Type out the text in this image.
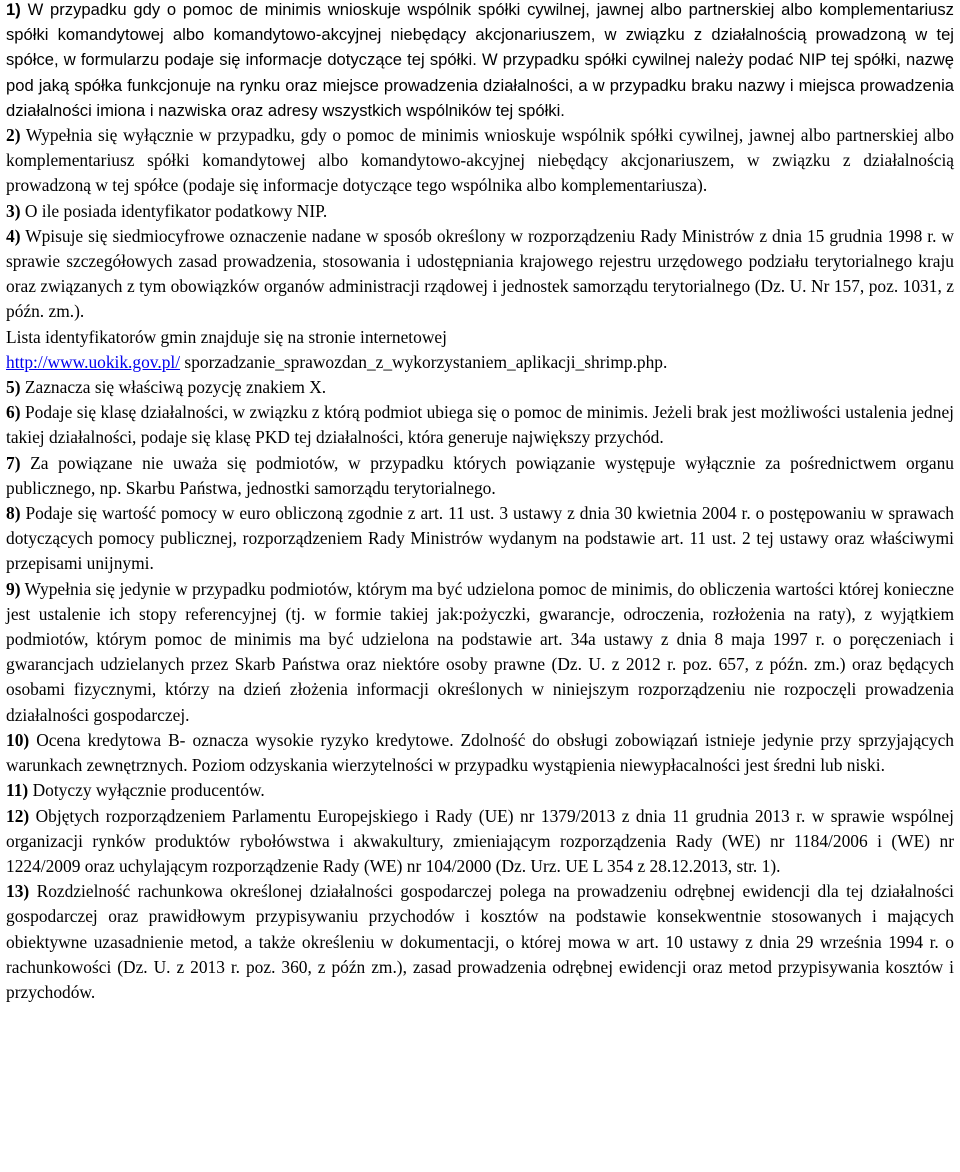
1) W przypadku gdy o pomoc de minimis wnioskuje wspólnik spółki cywilnej, jawnej albo partnerskiej albo komplementariusz spółki komandytowej albo komandytowo-akcyjnej niebędący akcjonariuszem, w związku z działalnością prowadzoną w tej spółce, w formularzu podaje się informacje dotyczące tej spółki. W przypadku spółki cywilnej należy podać NIP tej spółki, nazwę pod jaką spółka funkcjonuje na rynku oraz miejsce prowadzenia działalności, a w przypadku braku nazwy i miejsca prowadzenia działalności imiona i nazwiska oraz adresy wszystkich wspólników tej spółki.

2) Wypełnia się wyłącznie w przypadku, gdy o pomoc de minimis wnioskuje wspólnik spółki cywilnej, jawnej albo partnerskiej albo komplementariusz spółki komandytowej albo komandytowo-akcyjnej niebędący akcjonariuszem, w związku z działalnością prowadzoną w tej spółce (podaje się informacje dotyczące tego wspólnika albo komplementariusza).

3) O ile posiada identyfikator podatkowy NIP.

4) Wpisuje się siedmiocyfrowe oznaczenie nadane w sposób określony w rozporządzeniu Rady Ministrów z dnia 15 grudnia 1998 r. w sprawie szczegółowych zasad prowadzenia, stosowania i udostępniania krajowego rejestru urzędowego podziału terytorialnego kraju oraz związanych z tym obowiązków organów administracji rządowej i jednostek samorządu terytorialnego (Dz. U. Nr 157, poz. 1031, z późn. zm.).

Lista identyfikatorów gmin znajduje się na stronie internetowej

http://www.uokik.gov.pl/ sporzadzanie_sprawozdan_z_wykorzystaniem_aplikacji_shrimp.php.

5) Zaznacza się właściwą pozycję znakiem X.

6) Podaje się klasę działalności, w związku z którą podmiot ubiega się o pomoc de minimis. Jeżeli brak jest możliwości ustalenia jednej takiej działalności, podaje się klasę PKD tej działalności, która generuje największy przychód.

7) Za powiązane nie uważa się podmiotów, w przypadku których powiązanie występuje wyłącznie za pośrednictwem organu publicznego, np. Skarbu Państwa, jednostki samorządu terytorialnego.

8) Podaje się wartość pomocy w euro obliczoną zgodnie z art. 11 ust. 3 ustawy z dnia 30 kwietnia 2004 r. o postępowaniu w sprawach dotyczących pomocy publicznej, rozporządzeniem Rady Ministrów wydanym na podstawie art. 11 ust. 2 tej ustawy oraz właściwymi przepisami unijnymi.

9) Wypełnia się jedynie w przypadku podmiotów, którym ma być udzielona pomoc de minimis, do obliczenia wartości której konieczne jest ustalenie ich stopy referencyjnej (tj. w formie takiej jak:pożyczki, gwarancje, odroczenia, rozłożenia na raty), z wyjątkiem podmiotów, którym pomoc de minimis ma być udzielona na podstawie art. 34a ustawy z dnia 8 maja 1997 r. o poręczeniach i gwarancjach udzielanych przez Skarb Państwa oraz niektóre osoby prawne (Dz. U. z 2012 r. poz. 657, z późn. zm.) oraz będących osobami fizycznymi, którzy na dzień złożenia informacji określonych w niniejszym rozporządzeniu nie rozpoczęli prowadzenia działalności gospodarczej.

10) Ocena kredytowa B- oznacza wysokie ryzyko kredytowe. Zdolność do obsługi zobowiązań istnieje jedynie przy sprzyjających warunkach zewnętrznych. Poziom odzyskania wierzytelności w przypadku wystąpienia niewypłacalności jest średni lub niski.

11) Dotyczy wyłącznie producentów.

12) Objętych rozporządzeniem Parlamentu Europejskiego i Rady (UE) nr 1379/2013 z dnia 11 grudnia 2013 r. w sprawie wspólnej organizacji rynków produktów rybołówstwa i akwakultury, zmieniającym rozporządzenia Rady (WE) nr 1184/2006 i (WE) nr 1224/2009 oraz uchylającym rozporządzenie Rady (WE) nr 104/2000 (Dz. Urz. UE L 354 z 28.12.2013, str. 1).

13) Rozdzielność rachunkowa określonej działalności gospodarczej polega na prowadzeniu odrębnej ewidencji dla tej działalności gospodarczej oraz prawidłowym przypisywaniu przychodów i kosztów na podstawie konsekwentnie stosowanych i mających obiektywne uzasadnienie metod, a także określeniu w dokumentacji, o której mowa w art. 10 ustawy z dnia 29 września 1994 r. o rachunkowości (Dz. U. z 2013 r. poz. 360, z późn zm.), zasad prowadzenia odrębnej ewidencji oraz metod przypisywania kosztów i przychodów.
